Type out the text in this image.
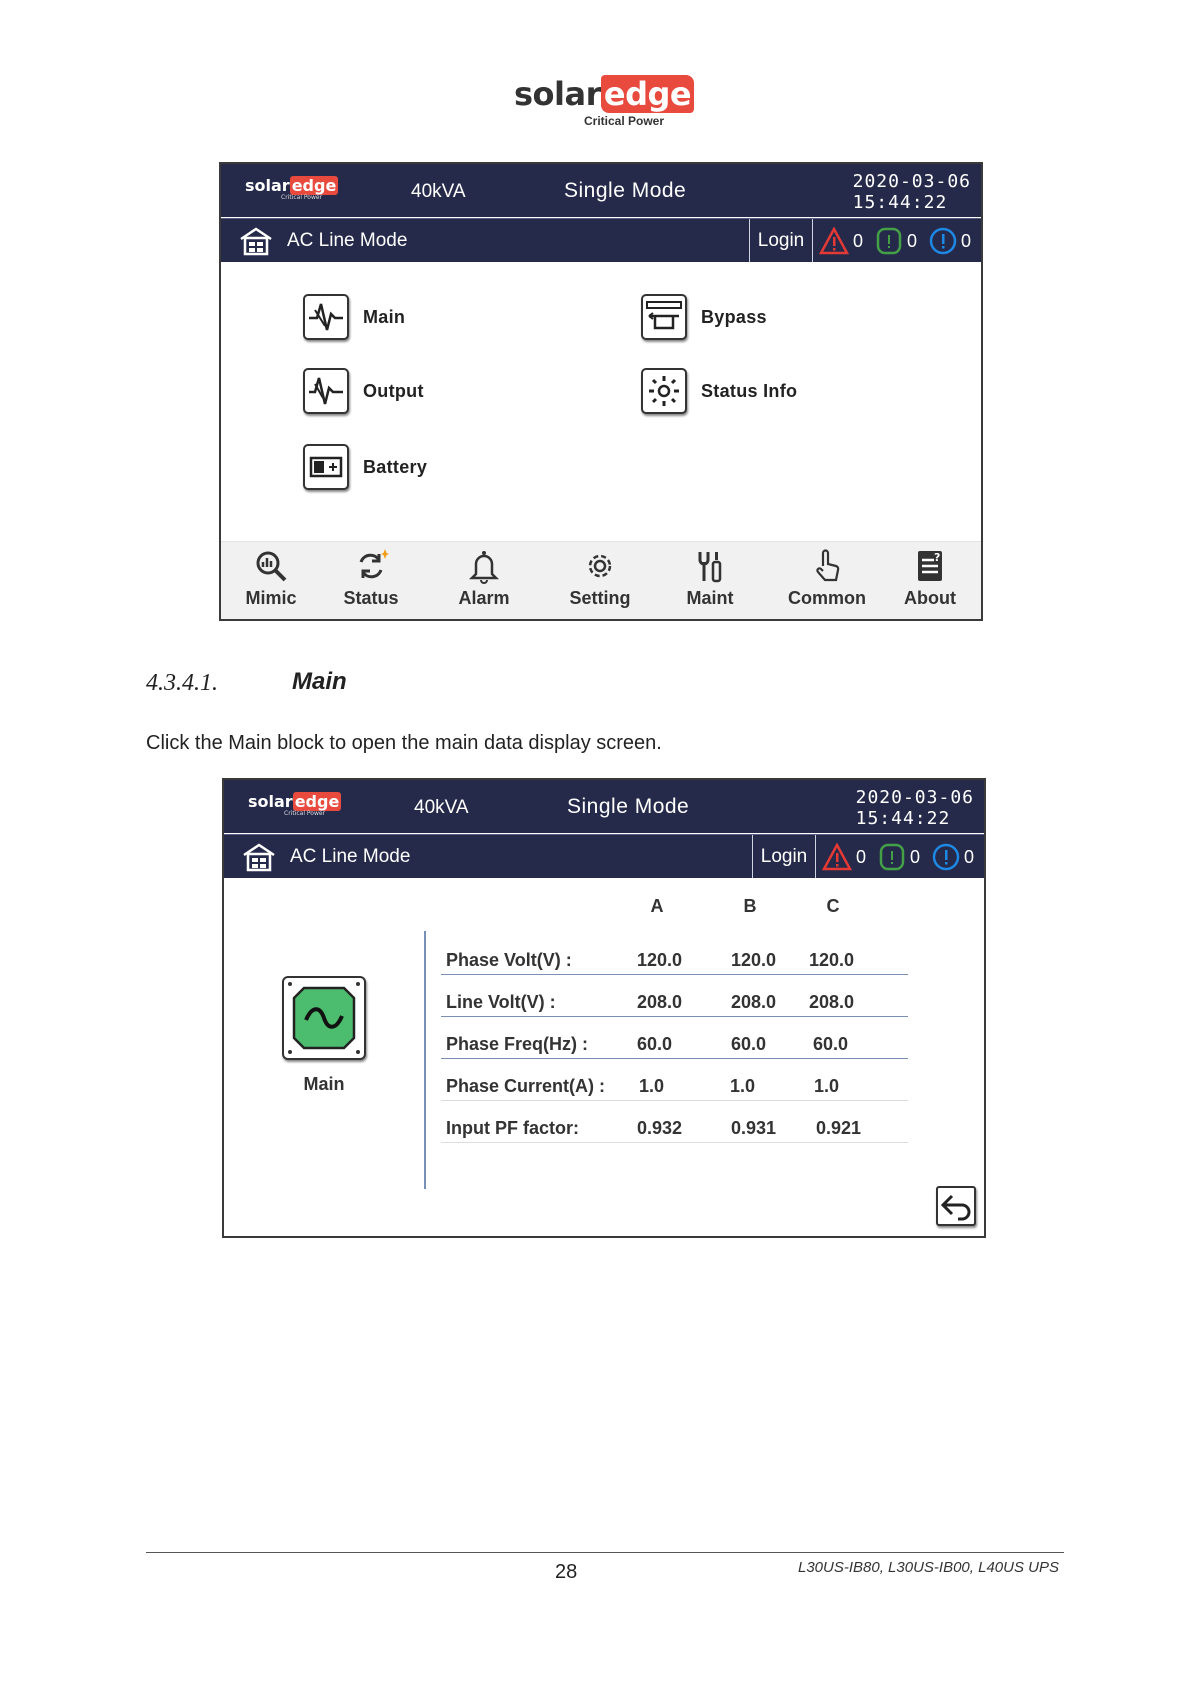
solaredge
Critical Power
solar edge
Critical Power	40kVA	Single Mode	2020-03-06
15:44:22
AC Line Mode	Login	0 0 0
Main
Output
Battery
Bypass
Status Info
Mimic	Status	Alarm	Setting	Maint	Common
?
About
4.3.4.1.	Main
Click the Main block to open the main data display screen.
solar edge
Critical Power	40kVA	Single Mode	2020-03-06
15:44:22
AC Line Mode	Login	0 0 0
Main
A	B	C
Phase Volt(V) :	120.0	120.0 120.0
Line Volt(V) :	208.0	208.0 208.0
Phase Freq(Hz) :	60.0	60.0	60.0
Phase Current(A) : 1.0	1.0	1.0
Input PF factor:	0.932	0.931 0.921
28	L30US-IB80, L30US-IB00, L40US UPS
